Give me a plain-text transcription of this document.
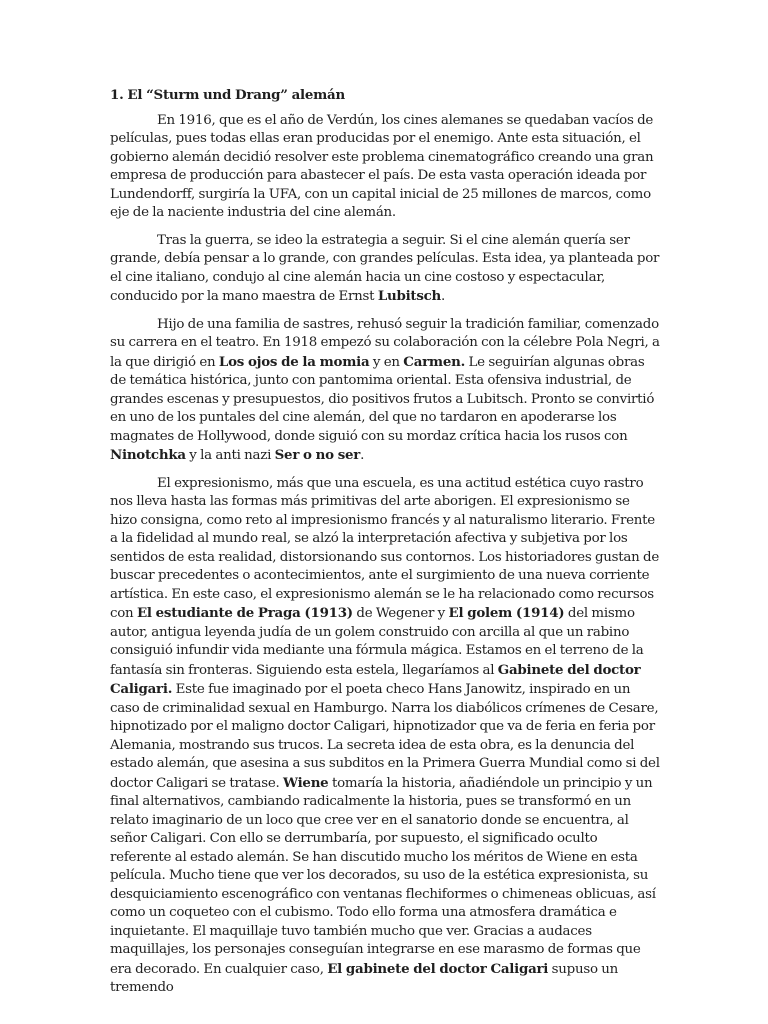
1. El “Sturm und Drang” alemán

En 1916, que es el año de Verdún, los cines alemanes se quedaban vacíos de películas, pues todas ellas eran producidas por el enemigo. Ante esta situación, el gobierno alemán decidió resolver este problema cinematográfico creando una gran empresa de producción para abastecer el país. De esta vasta operación ideada por Lundendorff, surgiría la UFA, con un capital inicial de 25 millones de marcos, como eje de la naciente industria del cine alemán.

Tras la guerra, se ideo la estrategia a seguir. Si el cine alemán quería ser grande, debía pensar a lo grande, con grandes películas. Esta idea, ya planteada por el cine italiano, condujo al cine alemán hacia un cine costoso y espectacular, conducido por la mano maestra de Ernst Lubitsch.

Hijo de una familia de sastres, rehusó seguir la tradición familiar, comenzado su carrera en el teatro. En 1918 empezó su colaboración con la célebre Pola Negri, a la que dirigió en Los ojos de la momia y en Carmen. Le seguirían algunas obras de temática histórica, junto con pantomima oriental. Esta ofensiva industrial, de grandes escenas y presupuestos, dio positivos frutos a Lubitsch. Pronto se convirtió en uno de los puntales del cine alemán, del que no tardaron en apoderarse los magnates de Hollywood, donde siguió con su mordaz crítica hacia los rusos con Ninotchka y la anti nazi Ser o no ser.

El expresionismo, más que una escuela, es una actitud estética cuyo rastro nos lleva hasta las formas más primitivas del arte aborigen. El expresionismo se hizo consigna, como reto al impresionismo francés y al naturalismo literario. Frente a la fidelidad al mundo real, se alzó la interpretación afectiva y subjetiva por los sentidos de esta realidad, distorsionando sus contornos. Los historiadores gustan de buscar precedentes o acontecimientos, ante el surgimiento de una nueva corriente artística. En este caso, el expresionismo alemán se le ha relacionado como recursos con El estudiante de Praga (1913) de Wegener y El golem (1914) del mismo autor, antigua leyenda judía de un golem construido con arcilla al que un rabino consiguió infundir vida mediante una fórmula mágica. Estamos en el terreno de la fantasía sin fronteras. Siguiendo esta estela, llegaríamos al Gabinete del doctor Caligari. Este fue imaginado por el poeta checo Hans Janowitz, inspirado en un caso de criminalidad sexual en Hamburgo. Narra los diabólicos crímenes de Cesare, hipnotizado por el maligno doctor Caligari, hipnotizador que va de feria en feria por Alemania, mostrando sus trucos. La secreta idea de esta obra, es la denuncia del estado alemán, que asesina a sus subditos en la Primera Guerra Mundial como si del doctor Caligari se tratase. Wiene tomaría la historia, añadiéndole un principio y un final alternativos, cambiando radicalmente la historia, pues se transformó en un relato imaginario de un loco que cree ver en el sanatorio donde se encuentra, al señor Caligari. Con ello se derrumbaría, por supuesto, el significado oculto referente al estado alemán. Se han discutido mucho los méritos de Wiene en esta película. Mucho tiene que ver los decorados, su uso de la estética expresionista, su desquiciamiento escenográfico con ventanas flechiformes o chimeneas oblicuas, así como un coqueteo con el cubismo. Todo ello forma una atmosfera dramática e inquietante. El maquillaje tuvo también mucho que ver. Gracias a audaces maquillajes, los personajes conseguían integrarse en ese marasmo de formas que era decorado. En cualquier caso, El gabinete del doctor Caligari supuso un tremendo
